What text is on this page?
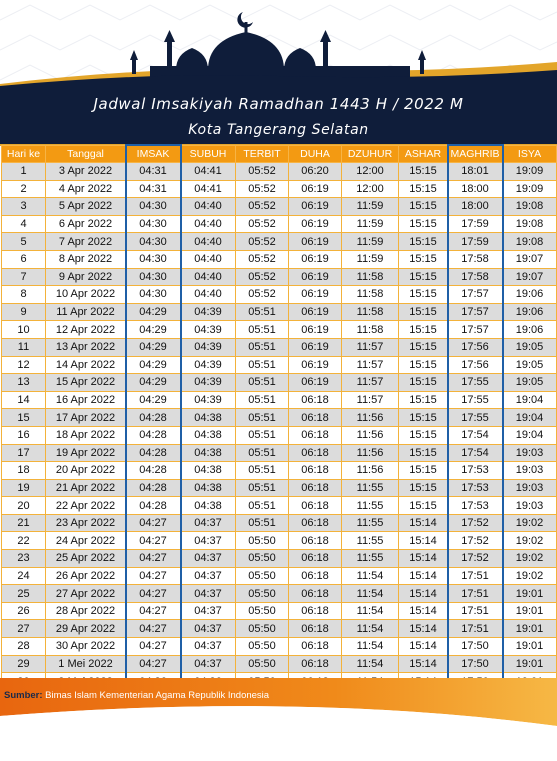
Jadwal Imsakiyah Ramadhan 1443 H / 2022 M
Kota Tangerang Selatan
Hari ke	Tanggal	IMSAK	SUBUH	TERBIT	DUHA	DZUHUR	ASHAR	MAGHRIB	ISYA
1	3 Apr 2022	04:31	04:41	05:52	06:20	12:00	15:15	18:01	19:09
2	4 Apr 2022	04:31	04:41	05:52	06:19	12:00	15:15	18:00	19:09
3	5 Apr 2022	04:30	04:40	05:52	06:19	11:59	15:15	18:00	19:08
4	6 Apr 2022	04:30	04:40	05:52	06:19	11:59	15:15	17:59	19:08
5	7 Apr 2022	04:30	04:40	05:52	06:19	11:59	15:15	17:59	19:08
6	8 Apr 2022	04:30	04:40	05:52	06:19	11:59	15:15	17:58	19:07
7	9 Apr 2022	04:30	04:40	05:52	06:19	11:58	15:15	17:58	19:07
8	10 Apr 2022	04:30	04:40	05:52	06:19	11:58	15:15	17:57	19:06
9	11 Apr 2022	04:29	04:39	05:51	06:19	11:58	15:15	17:57	19:06
10	12 Apr 2022	04:29	04:39	05:51	06:19	11:58	15:15	17:57	19:06
11	13 Apr 2022	04:29	04:39	05:51	06:19	11:57	15:15	17:56	19:05
12	14 Apr 2022	04:29	04:39	05:51	06:19	11:57	15:15	17:56	19:05
13	15 Apr 2022	04:29	04:39	05:51	06:19	11:57	15:15	17:55	19:05
14	16 Apr 2022	04:29	04:39	05:51	06:18	11:57	15:15	17:55	19:04
15	17 Apr 2022	04:28	04:38	05:51	06:18	11:56	15:15	17:55	19:04
16	18 Apr 2022	04:28	04:38	05:51	06:18	11:56	15:15	17:54	19:04
17	19 Apr 2022	04:28	04:38	05:51	06:18	11:56	15:15	17:54	19:03
18	20 Apr 2022	04:28	04:38	05:51	06:18	11:56	15:15	17:53	19:03
19	21 Apr 2022	04:28	04:38	05:51	06:18	11:55	15:15	17:53	19:03
20	22 Apr 2022	04:28	04:38	05:51	06:18	11:55	15:15	17:53	19:03
21	23 Apr 2022	04:27	04:37	05:51	06:18	11:55	15:14	17:52	19:02
22	24 Apr 2022	04:27	04:37	05:50	06:18	11:55	15:14	17:52	19:02
23	25 Apr 2022	04:27	04:37	05:50	06:18	11:55	15:14	17:52	19:02
24	26 Apr 2022	04:27	04:37	05:50	06:18	11:54	15:14	17:51	19:02
25	27 Apr 2022	04:27	04:37	05:50	06:18	11:54	15:14	17:51	19:01
26	28 Apr 2022	04:27	04:37	05:50	06:18	11:54	15:14	17:51	19:01
27	29 Apr 2022	04:27	04:37	05:50	06:18	11:54	15:14	17:51	19:01
28	30 Apr 2022	04:27	04:37	05:50	06:18	11:54	15:14	17:50	19:01
29	1 Mei 2022	04:27	04:37	05:50	06:18	11:54	15:14	17:50	19:01

Sumber: Bimas Islam Kementerian Agama Republik Indonesia
